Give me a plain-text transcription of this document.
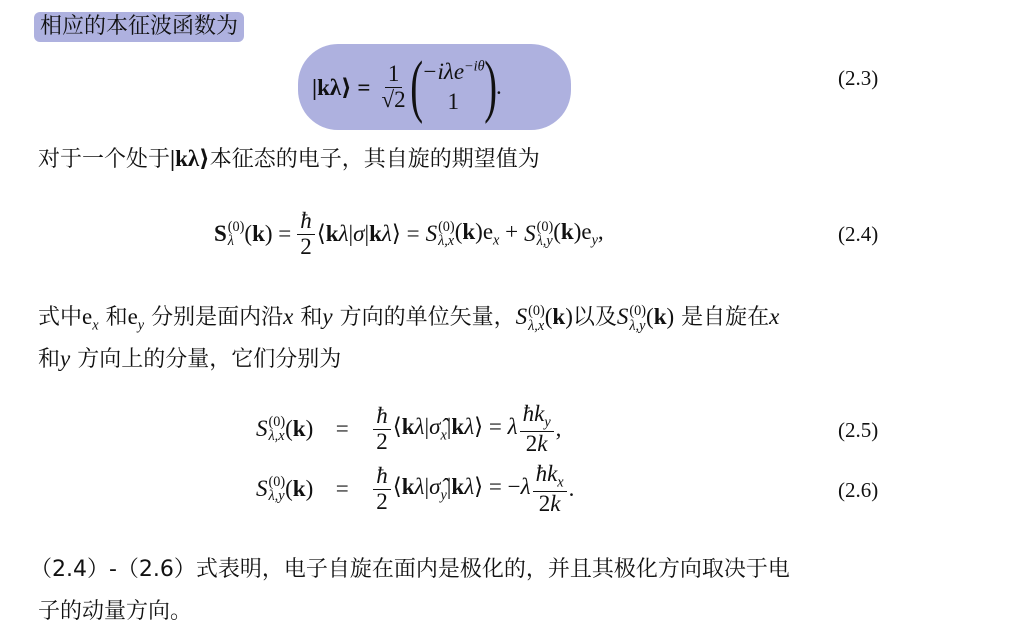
相应的本征波函数为
|kλ⟩ = $\frac{1}{√2}$ ( −iλe$^{-i\theta}$
1 ) .	(2.3)
对于一个处于|kλ⟩本征态的电子，其自旋的期望值为
S (0)
λ $(k) = \frac{ħ}{2}$ ⟨kλ|σ|kλ⟩ = S (0)
λ,x $(k)e_x + S$ (0)
λ,y $(k)e_y$,	(2.4)
式中$e_x$ 和$e_y$ 分别是面内沿x 和y 方向的单位矢量，S (0)
λ,x (k)以及S (0)
λ,y (k) 是自旋在x
和y 方向上的分量，它们分别为
S (0)
λ,x (k) =	$\frac{ħ}{2}$ $⟨k\lambda|\sigmâ_x|k\lambda⟩ = \lambda \frac{ħk_y}{2k}$ ,	(2.5)
S (0)
λ,y (k) =	$\frac{ħ}{2}$ $⟨k\lambda|\sigmâ_y|k\lambda⟩ = -\lambda \frac{ħk_x}{2k}$ .	(2.6)
（2.4）-（2.6）式表明，电子自旋在面内是极化的，并且其极化方向取决于电
子的动量方向。
